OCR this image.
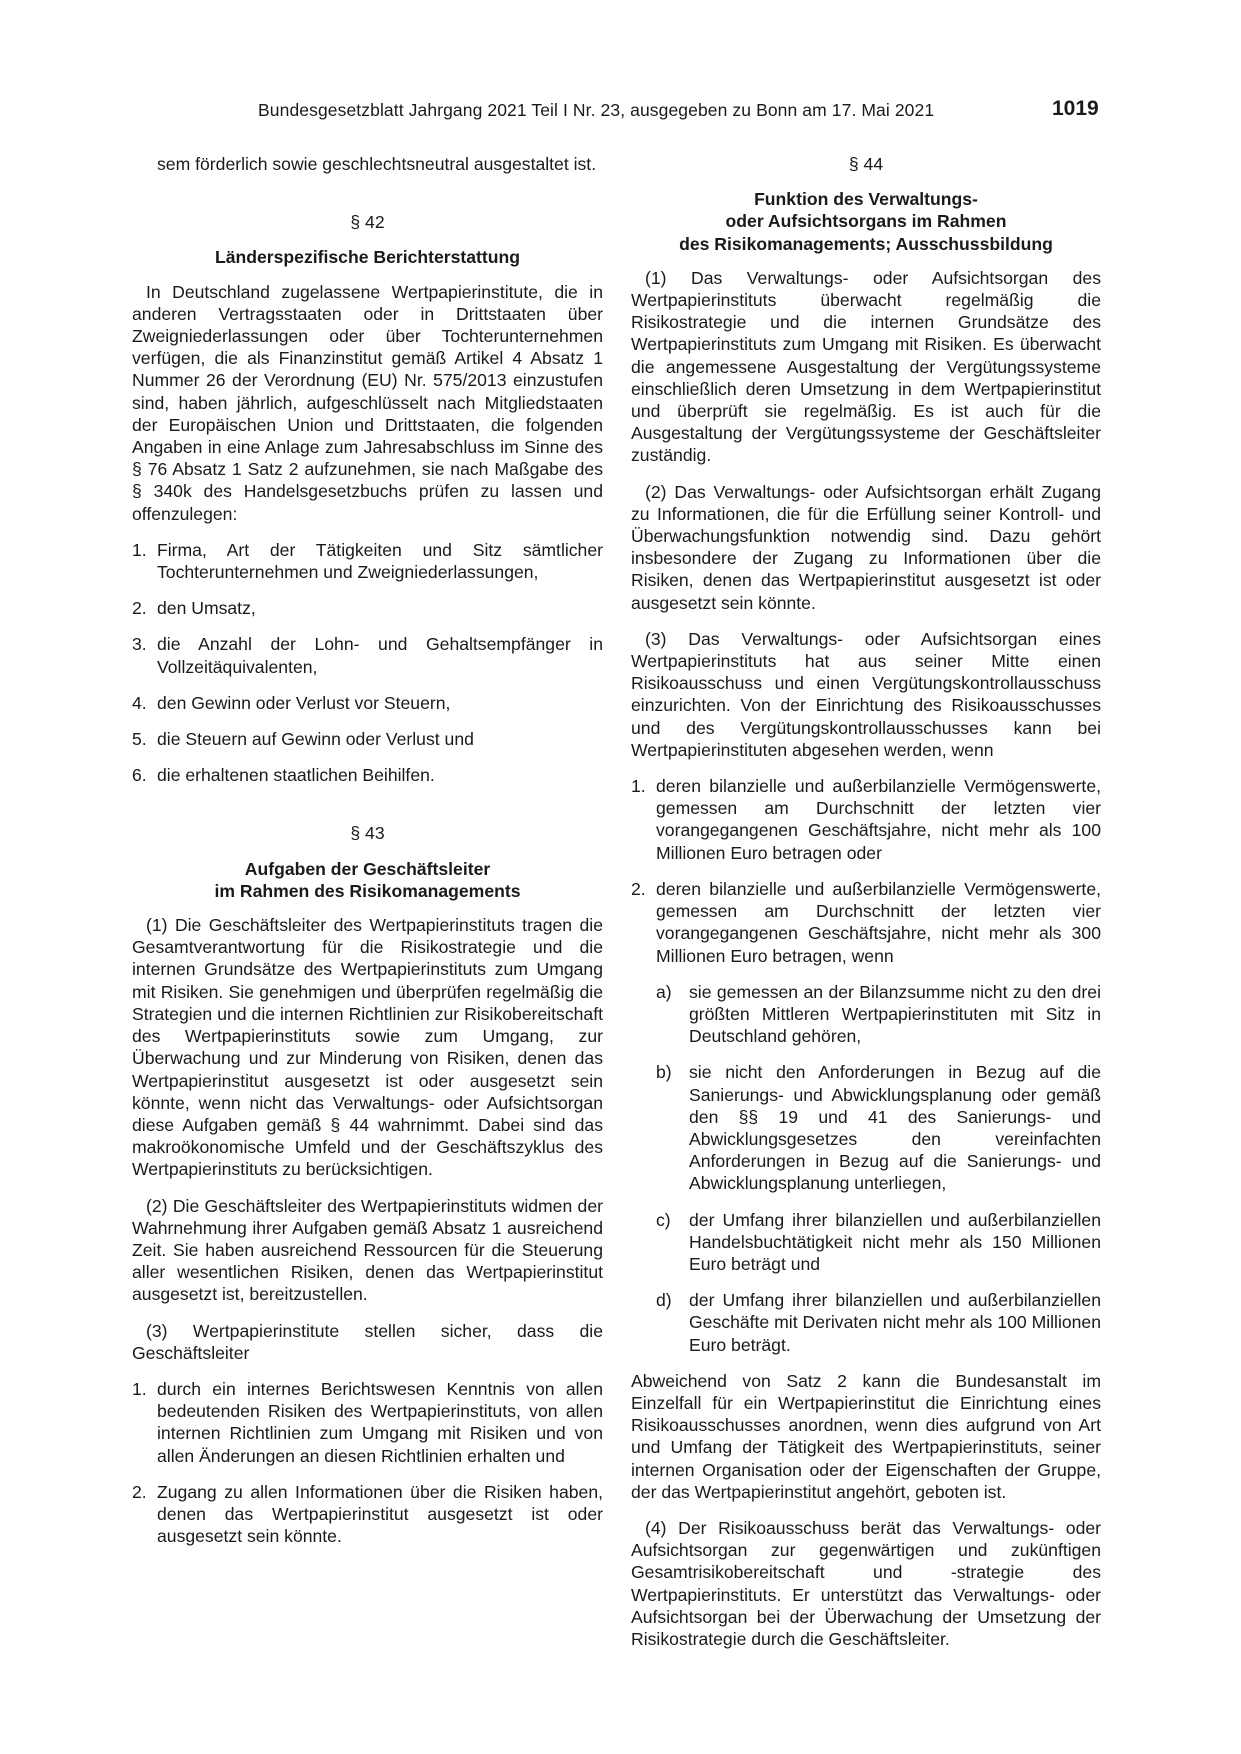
Bundesgesetzblatt Jahrgang 2021 Teil I Nr. 23, ausgegeben zu Bonn am 17. Mai 2021	1019

sem förderlich sowie geschlechtsneutral ausgestaltet ist.

§ 42

Länderspezifische Berichterstattung

In Deutschland zugelassene Wertpapierinstitute, die in anderen Vertragsstaaten oder in Drittstaaten über Zweigniederlassungen oder über Tochterunternehmen verfügen, die als Finanzinstitut gemäß Artikel 4 Absatz 1 Nummer 26 der Verordnung (EU) Nr. 575/2013 einzustufen sind, haben jährlich, aufgeschlüsselt nach Mitgliedstaaten der Europäischen Union und Drittstaaten, die folgenden Angaben in eine Anlage zum Jahresabschluss im Sinne des § 76 Absatz 1 Satz 2 aufzunehmen, sie nach Maßgabe des § 340k des Handelsgesetzbuchs prüfen zu lassen und offenzulegen:

1. Firma, Art der Tätigkeiten und Sitz sämtlicher Tochterunternehmen und Zweigniederlassungen,
2. den Umsatz,
3. die Anzahl der Lohn- und Gehaltsempfänger in Vollzeitäquivalenten,
4. den Gewinn oder Verlust vor Steuern,
5. die Steuern auf Gewinn oder Verlust und
6. die erhaltenen staatlichen Beihilfen.

§ 43

Aufgaben der Geschäftsleiter
im Rahmen des Risikomanagements

(1) Die Geschäftsleiter des Wertpapierinstituts tragen die Gesamtverantwortung für die Risikostrategie und die internen Grundsätze des Wertpapierinstituts zum Umgang mit Risiken. Sie genehmigen und überprüfen regelmäßig die Strategien und die internen Richtlinien zur Risikobereitschaft des Wertpapierinstituts sowie zum Umgang, zur Überwachung und zur Minderung von Risiken, denen das Wertpapierinstitut ausgesetzt ist oder ausgesetzt sein könnte, wenn nicht das Verwaltungs- oder Aufsichtsorgan diese Aufgaben gemäß § 44 wahrnimmt. Dabei sind das makroökonomische Umfeld und der Geschäftszyklus des Wertpapierinstituts zu berücksichtigen.

(2) Die Geschäftsleiter des Wertpapierinstituts widmen der Wahrnehmung ihrer Aufgaben gemäß Absatz 1 ausreichend Zeit. Sie haben ausreichend Ressourcen für die Steuerung aller wesentlichen Risiken, denen das Wertpapierinstitut ausgesetzt ist, bereitzustellen.

(3) Wertpapierinstitute stellen sicher, dass die Geschäftsleiter

1. durch ein internes Berichtswesen Kenntnis von allen bedeutenden Risiken des Wertpapierinstituts, von allen internen Richtlinien zum Umgang mit Risiken und von allen Änderungen an diesen Richtlinien erhalten und
2. Zugang zu allen Informationen über die Risiken haben, denen das Wertpapierinstitut ausgesetzt ist oder ausgesetzt sein könnte.

§ 44

Funktion des Verwaltungs-
oder Aufsichtsorgans im Rahmen
des Risikomanagements; Ausschussbildung

(1) Das Verwaltungs- oder Aufsichtsorgan des Wertpapierinstituts überwacht regelmäßig die Risikostrategie und die internen Grundsätze des Wertpapierinstituts zum Umgang mit Risiken. Es überwacht die angemessene Ausgestaltung der Vergütungssysteme einschließlich deren Umsetzung in dem Wertpapierinstitut und überprüft sie regelmäßig. Es ist auch für die Ausgestaltung der Vergütungssysteme der Geschäftsleiter zuständig.

(2) Das Verwaltungs- oder Aufsichtsorgan erhält Zugang zu Informationen, die für die Erfüllung seiner Kontroll- und Überwachungsfunktion notwendig sind. Dazu gehört insbesondere der Zugang zu Informationen über die Risiken, denen das Wertpapierinstitut ausgesetzt ist oder ausgesetzt sein könnte.

(3) Das Verwaltungs- oder Aufsichtsorgan eines Wertpapierinstituts hat aus seiner Mitte einen Risikoausschuss und einen Vergütungskontrollausschuss einzurichten. Von der Einrichtung des Risikoausschusses und des Vergütungskontrollausschusses kann bei Wertpapierinstituten abgesehen werden, wenn

1. deren bilanzielle und außerbilanzielle Vermögenswerte, gemessen am Durchschnitt der letzten vier vorangegangenen Geschäftsjahre, nicht mehr als 100 Millionen Euro betragen oder
2. deren bilanzielle und außerbilanzielle Vermögenswerte, gemessen am Durchschnitt der letzten vier vorangegangenen Geschäftsjahre, nicht mehr als 300 Millionen Euro betragen, wenn
a) sie gemessen an der Bilanzsumme nicht zu den drei größten Mittleren Wertpapierinstituten mit Sitz in Deutschland gehören,
b) sie nicht den Anforderungen in Bezug auf die Sanierungs- und Abwicklungsplanung oder gemäß den §§ 19 und 41 des Sanierungs- und Abwicklungsgesetzes den vereinfachten Anforderungen in Bezug auf die Sanierungs- und Abwicklungsplanung unterliegen,
c) der Umfang ihrer bilanziellen und außerbilanziellen Handelsbuchtätigkeit nicht mehr als 150 Millionen Euro beträgt und
d) der Umfang ihrer bilanziellen und außerbilanziellen Geschäfte mit Derivaten nicht mehr als 100 Millionen Euro beträgt.

Abweichend von Satz 2 kann die Bundesanstalt im Einzelfall für ein Wertpapierinstitut die Einrichtung eines Risikoausschusses anordnen, wenn dies aufgrund von Art und Umfang der Tätigkeit des Wertpapierinstituts, seiner internen Organisation oder der Eigenschaften der Gruppe, der das Wertpapierinstitut angehört, geboten ist.

(4) Der Risikoausschuss berät das Verwaltungs- oder Aufsichtsorgan zur gegenwärtigen und zukünftigen Gesamtrisikobereitschaft und -strategie des Wertpapierinstituts. Er unterstützt das Verwaltungs- oder Aufsichtsorgan bei der Überwachung der Umsetzung der Risikostrategie durch die Geschäftsleiter.
